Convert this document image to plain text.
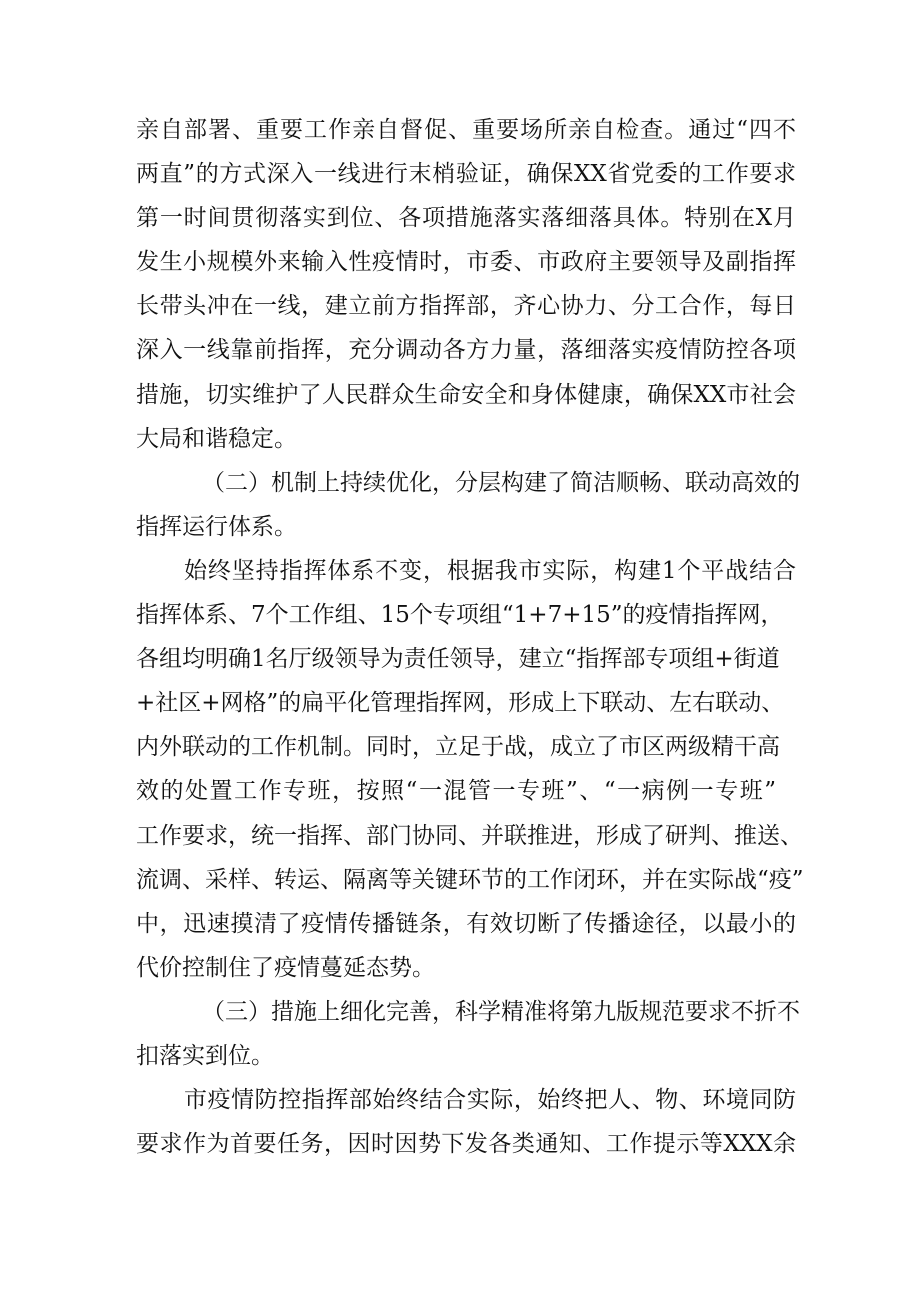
亲自部署、重要工作亲自督促、重要场所亲自检查。通过“四不
两直”的方式深入一线进行末梢验证，确保XX省党委的工作要求
第一时间贯彻落实到位、各项措施落实落细落具体。特别在X月
发生小规模外来输入性疫情时，市委、市政府主要领导及副指挥
长带头冲在一线，建立前方指挥部，齐心协力、分工合作，每日
深入一线靠前指挥，充分调动各方力量，落细落实疫情防控各项
措施，切实维护了人民群众生命安全和身体健康，确保XX市社会
大局和谐稳定。
（二）机制上持续优化，分层构建了简洁顺畅、联动高效的
指挥运行体系。
始终坚持指挥体系不变，根据我市实际，构建1个平战结合
指挥体系、7个工作组、15个专项组“1+7+15”的疫情指挥网，
各组均明确1名厅级领导为责任领导，建立“指挥部专项组+街道
+社区+网格”的扁平化管理指挥网，形成上下联动、左右联动、
内外联动的工作机制。同时，立足于战，成立了市区两级精干高
效的处置工作专班，按照“一混管一专班”、“一病例一专班”
工作要求，统一指挥、部门协同、并联推进，形成了研判、推送、
流调、采样、转运、隔离等关键环节的工作闭环，并在实际战“疫”
中，迅速摸清了疫情传播链条，有效切断了传播途径，以最小的
代价控制住了疫情蔓延态势。
（三）措施上细化完善，科学精准将第九版规范要求不折不
扣落实到位。
市疫情防控指挥部始终结合实际，始终把人、物、环境同防
要求作为首要任务，因时因势下发各类通知、工作提示等XXX余
